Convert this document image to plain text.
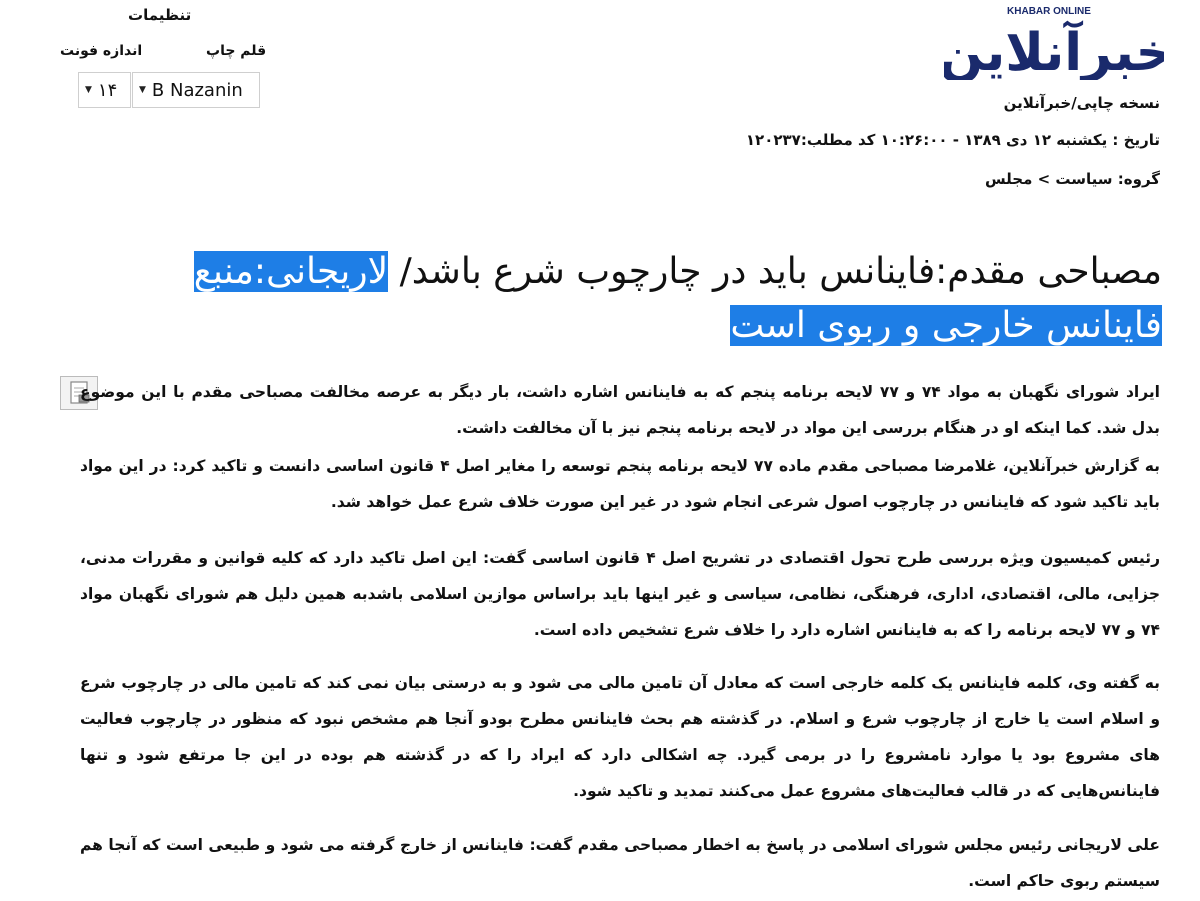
تنظیمات
قلم چاپ
اندازه فونت
▼ B Nazanin
▼ ۱۴
KHABAR ONLINE
خبرآنلاین
نسخه چاپی/خبرآنلاین
تاریخ : یکشنبه ۱۲ دی ۱۳۸۹ - ۱۰:۲۶:۰۰ کد مطلب:۱۲۰۲۳۷
گروه: سیاست > مجلس
مصباحی مقدم:فاینانس باید در چارچوب شرع باشد/ لاریجانی:منبع فاینانس خارجی و ربوی است
ایراد شورای نگهبان به مواد ۷۴ و ۷۷ لایحه برنامه پنجم که به فاینانس اشاره داشت، بار دیگر به عرصه مخالفت مصباحی مقدم با این موضوع بدل شد. کما اینکه او در هنگام بررسی این مواد در لایحه برنامه پنجم نیز با آن مخالفت داشت.
به گزارش خبرآنلاین، غلامرضا مصباحی مقدم ماده ۷۷ لایحه برنامه پنجم توسعه را مغایر اصل ۴ قانون اساسی دانست و تاکید کرد: در این مواد باید تاکید شود که فاینانس در چارچوب اصول شرعی انجام شود در غیر این صورت خلاف شرع عمل خواهد شد.
رئیس کمیسیون ویژه بررسی طرح تحول اقتصادی در تشریح اصل ۴ قانون اساسی گفت: این اصل تاکید دارد که کلیه قوانین و مقررات مدنی، جزایی، مالی، اقتصادی، اداری، فرهنگی، نظامی، سیاسی و غیر اینها باید براساس موازین اسلامی باشدبه همین دلیل هم شورای نگهبان مواد ۷۴ و ۷۷ لایحه برنامه را که به فاینانس اشاره دارد را خلاف شرع تشخیص داده است.
به گفته وی، کلمه فاینانس یک کلمه خارجی است که معادل آن تامین مالی می شود و به درستی بیان نمی کند که تامین مالی در چارچوب شرع و اسلام است یا خارج از چارچوب شرع و اسلام. در گذشته هم بحث فاینانس مطرح بودو آنجا هم مشخص نبود که منظور در چارچوب فعالیت های مشروع بود یا موارد نامشروع را در برمی گیرد. چه اشکالی دارد که ایراد را که در گذشته هم بوده در این جا مرتفع شود و تنها فاینانس‌هایی که در قالب فعالیت‌های مشروع عمل می‌کنند تمدید و تاکید شود.
علی لاریجانی رئیس مجلس شورای اسلامی در پاسخ به اخطار مصباحی مقدم گفت: فاینانس از خارج گرفته می شود و طبیعی است که آنجا هم سیستم ربوی حاکم است.
